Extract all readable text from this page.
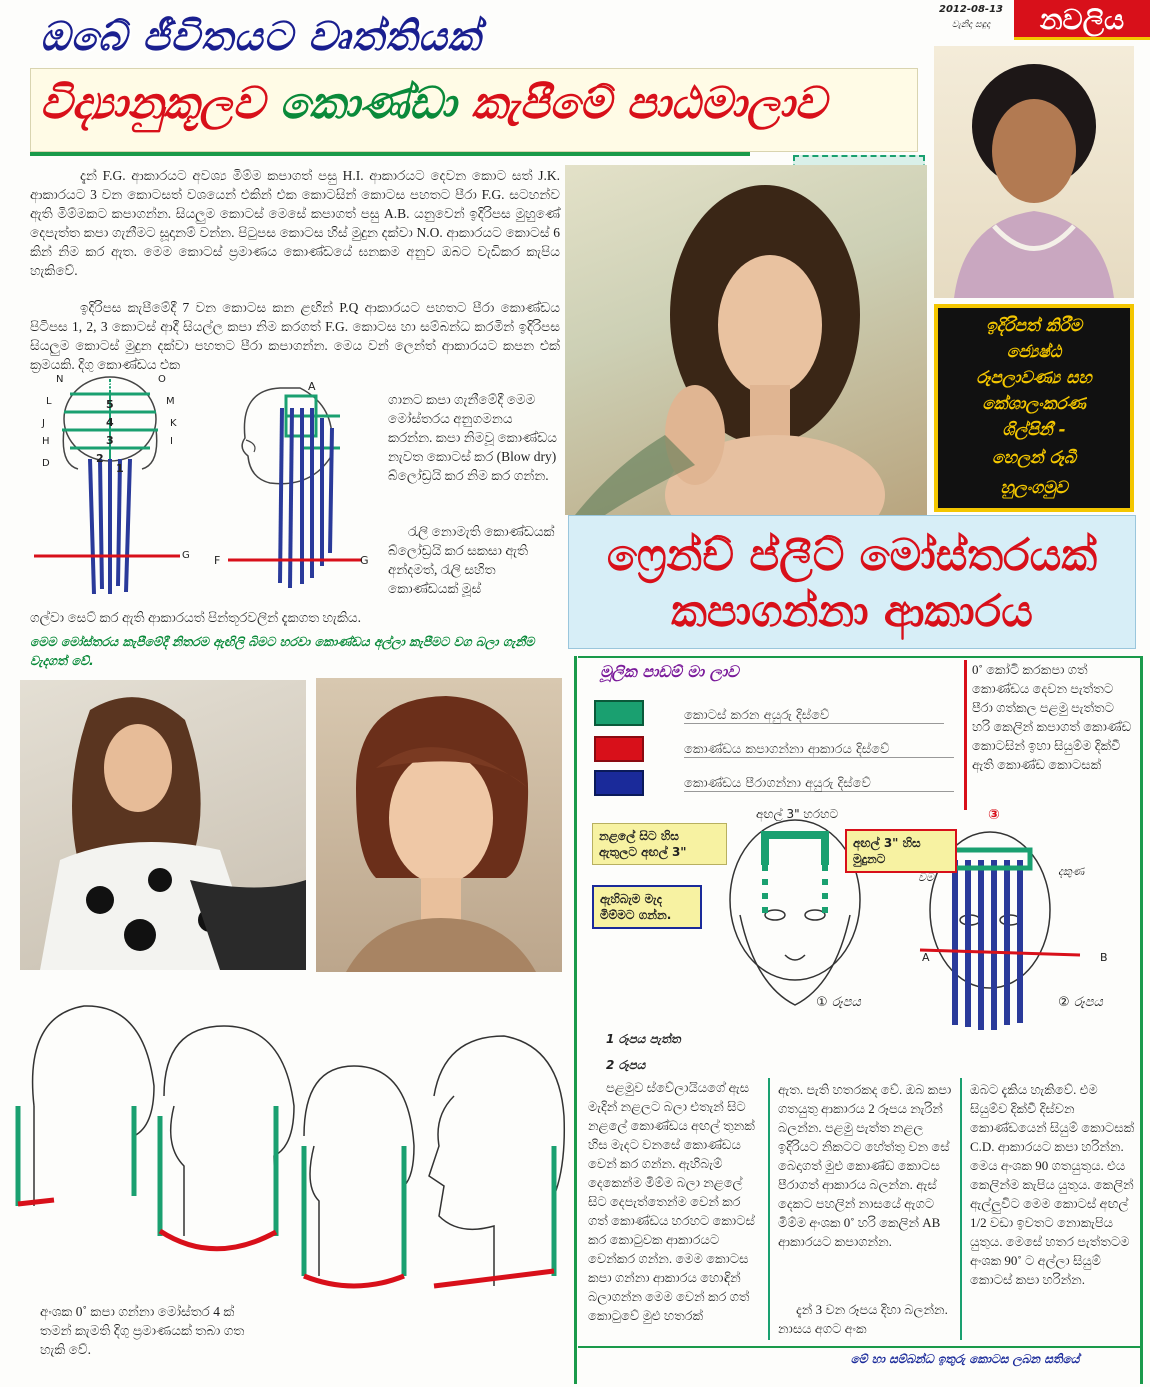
2012-08-13
වැනිදා සඳුදා	නවලිය
ඔබේ ජීවිතයට වෘත්තියක්
විද්‍යානුකූලව කොණ්ඩා කැපීමේ පාඨමාලාව
දැන් F.G. ආකාරයට අවශ්‍ය මිම්ම කපාගත් පසු H.I. ආකාරයට දෙවන කොට සත් J.K. ආකාරයට 3 වන කොටසත් වශයෙන් එකින් එක කොටසින් කොටස පහතට පීරා F.G. සටහන්ව ඇති මිම්මකට කපාගන්න. සියලුම කොටස් මෙසේ කපාගත් පසු A.B. යනුවෙන් ඉදිරිපස මුහුණේ දෙපැත්ත කපා ගැනීමට සූදානම් වන්න. පිටුපස කොටස හිස් මුදුන දක්වා N.O. ආකාරයට කොටස් 6 කින් නිම කර ඇත. මෙම කොටස් ප්‍රමාණය කොණ්ඩයේ ඝනකම අනුව ඔබට වැඩිකර කැපිය හැකිවේ.
ඉදිරිපස කැපීමේදී 7 වන කොටස කන ළඟින් P.Q ආකාරයට පහතට පීරා කොණ්ඩය පිටිපස 1, 2, 3 කොටස් ආදී සියල්ල කපා නිම කරගත් F.G. කොටස හා සම්බන්ධ කරමින් ඉදිරිපස සියලුම කොටස් මුදුන දක්වා පහතට පීරා කපාගන්න. මෙය වන් ලෙන්ත් ආකාරයට කපන එක් ක්‍රමයකි. දිගු කොණ්ඩය එක
N	O
L	M
J	K
H	I
D
G
6
5
4
3
2
1
A
F	G
ගානට කපා ගැනීමේදී මෙම මෝස්තරය අනුගමනය කරන්න. කපා නිමවූ කොණ්ඩය නැවත කොටස් කර (Blow dry) බ්ලෝඩ්‍රයි කර නිම කර ගන්න.
රැලි නොමැති කොණ්ඩයක් බ්ලෝඩ්‍රයි කර සකසා ඇති අන්දමත්, රැලි සහිත කොණ්ඩයක් මූස්
ගල්වා සෙට් කර ඇති ආකාරයත් පින්තූරවලින් දැකගත හැකිය.
මෙම මෝස්තරය කැපීමේදී නිතරම ඇඟිලි බිමට හරවා කොණ්ඩය අල්ලා කැපීමට වග බලා ගැනීම වැදගත් වේ.
ඉදිරිපත් කිරීම
ජ්‍යෙෂ්ඨ
රූපලාවණ්‍ය සහ
කේශාලංකරණ
ශිල්පිනී -
හෙලන් රූබී
හුලංගමුව
ෆ්‍රෙන්ච් ප්ලීට් මෝස්තරයක්
කපාගන්නා ආකාරය
අංශක 0˚ කපා ගන්නා මෝස්තර 4 ක් තමන් කැමති දිගු ප්‍රමාණයක් තබා ගත හැකි වේ.
මූලික පාඩම් මා ලාව
කොටස් කරන අයුරු දිස්වේ
කොණ්ඩය කපාගන්නා ආකාරය දිස්වේ
කොණ්ඩය පීරාගන්නා අයුරු දිස්වේ
0˚ කෝටි කරකපා ගත් කොණ්ඩය දෙවන පැත්තට පීරා ගත්කල පළමු පැත්තට හරි කෙලින් කපාගත් කොණ්ඩ කොටසින් ඉහා සියුම්ම දික්වී ඇති කොණ්ඩ කොටසක්
අඟල් 3" හරහට
නළලේ සිට හිස ඇතුලට අඟල් 3"
අඟල් 3" හිස මුදුනට
ඇහිබැම මැද මිම්මට ගන්න.
① රූපය	② රූපය
A	B
③
දකුණ
වම
1 රූපය පැත්ත
2 රූපය
පළමුව ස්වේලායියගේ ඇස මැදින් නළලට බලා එතැන් සිට නළලේ කොණ්ඩය අඟල් තුනක් හිස මැදට වනසේ කොණ්ඩය වෙන් කර ගන්න. ඇහිබැම් දෙකෙන්ම මිම්ම බලා නළලේ සිට දෙපැත්තෙන්ම වෙන් කර ගත් කොණ්ඩය හරහට කොටස් කර කොටුවක ආකාරයට වෙන්කර ගන්න. මෙම කොටස කපා ගන්නා ආකාරය හොඳින් බලාගන්න මෙම වෙන් කර ගත් කොටුවේ මුළු හතරක්
ඇත. පැති හතරකද වේ. ඔබ කපා ගතයුතු ආකාරය 2 රූපය නැරින් බලන්න. පළමු පැත්ත නළල ඉදිරියට නිකටට හේත්තු වන සේ බෙදාගත් මුළු කොණ්ඩ කොටස පීරාගත් ආකාරය බලන්න. ඇස් දෙකට පහලින් නාසයේ ඇගට මිම්ම අංශක 0˚ හරි කෙලින් AB ආකාරයට කපාගන්න.
දැන් 3 වන රූපය දිහා බලන්න. නාසය අගට අංක
ඔබට දැකිය හැකිවේ. එම සියුම්ව දික්වී දිස්වන කොණ්ඩයෙන් සියුම් කොටසක් C.D. ආකාරයට කපා හරින්න. මෙය අංශක 90 ගතයුතුය. එය කෙලින්ම කැපිය යුතුය. කෙලින් ඇල්ලුවිට මෙම කොටස් අඟල් 1/2 වඩා ඉවතට නොකැපිය යුතුය. මෙසේ හතර පැත්තටම අංශක 90˚ ට අල්ලා සියුම් කොටස් කපා හරින්න.
මේ හා සම්බන්ධ ඉතුරු කොටස ලබන සතියේ
